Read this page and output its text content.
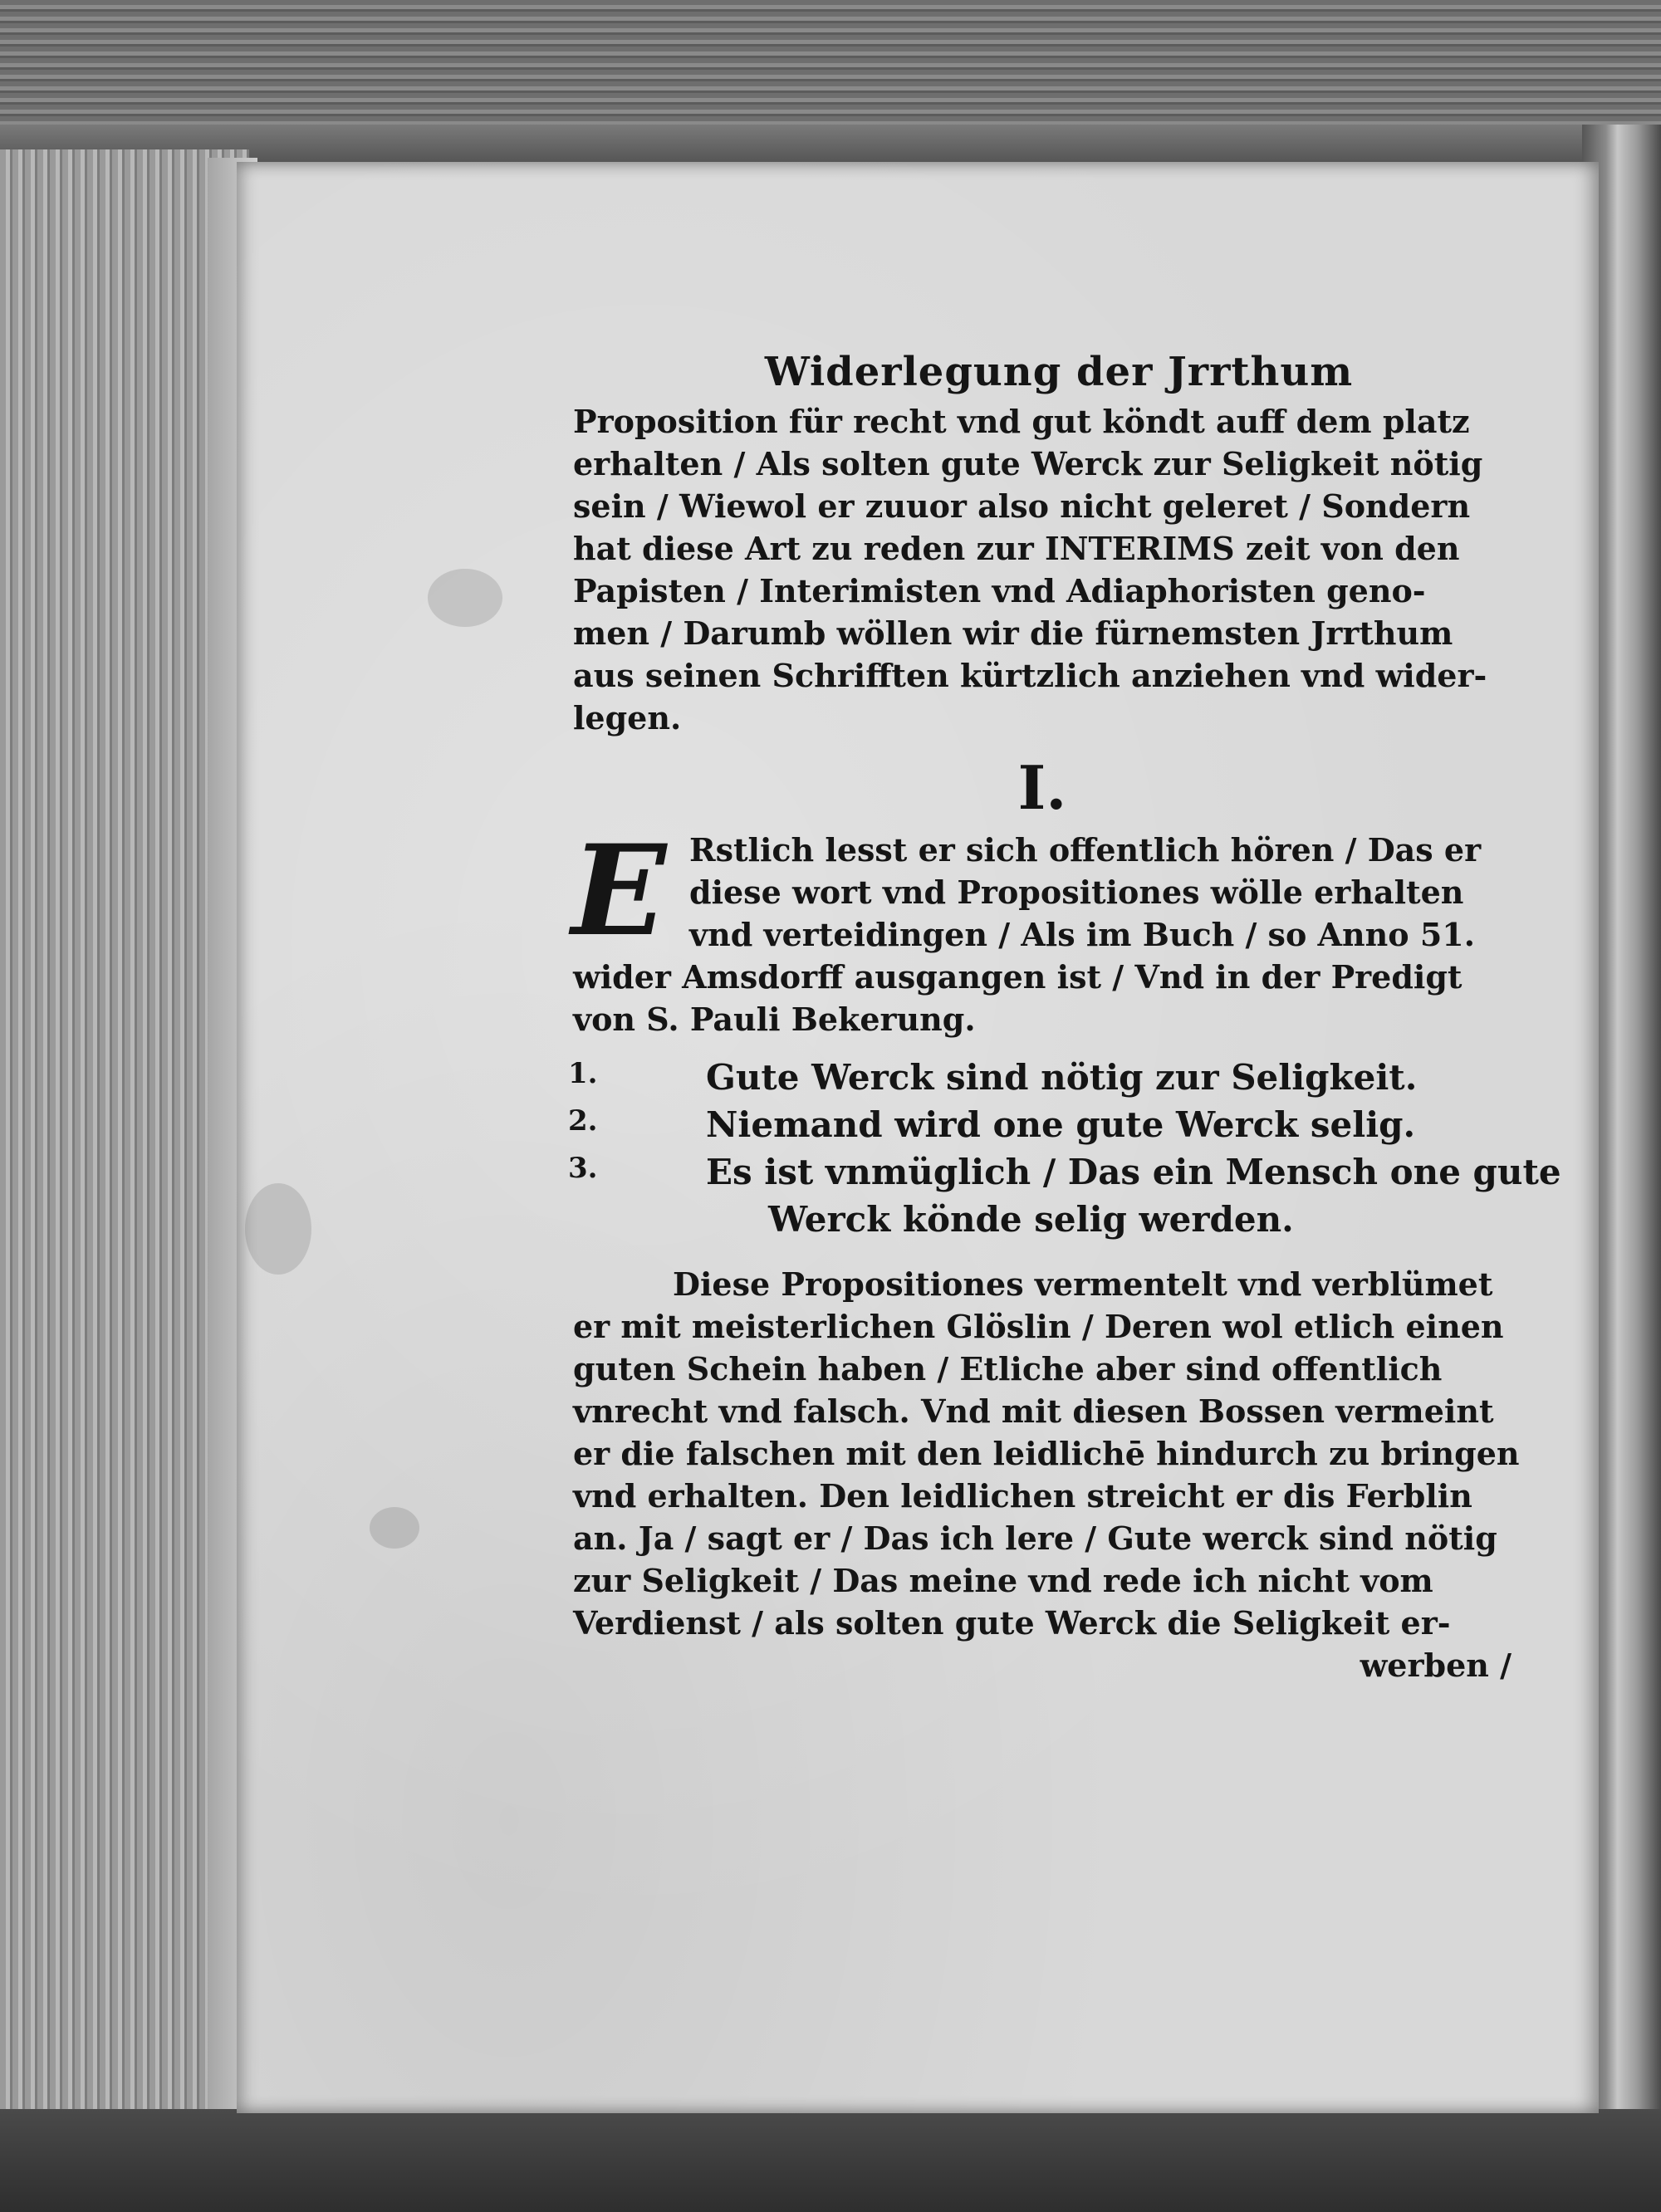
Widerlegung der Jrrthum

Proposition für recht vnd gut köndt auff dem platz

erhalten / Als solten gute Werck zur Seligkeit nötig

sein / Wiewol er zuuor also nicht geleret / Sondern

hat diese Art zu reden zur INTERIMS zeit von den

Papisten / Interimisten vnd Adiaphoristen geno-

men / Darumb wöllen wir die fürnemsten Jrrthum

aus seinen Schrifften kürtzlich anziehen vnd wider-

legen.

I.
E Rstlich lesst er sich offentlich hören / Das er

diese wort vnd Propositiones wölle erhalten

vnd verteidingen / Als im Buch / so Anno 51.

wider Amsdorff ausgangen ist / Vnd in der Predigt

von S. Pauli Bekerung.

1.	Gute Werck sind nötig zur Seligkeit.
2.	Niemand wird one gute Werck selig.
3.	Es ist vnmüglich / Das ein Mensch one gute
Werck könde selig werden.

Diese Propositiones vermentelt vnd verblümet

er mit meisterlichen Glöslin / Deren wol etlich einen

guten Schein haben / Etliche aber sind offentlich

vnrecht vnd falsch. Vnd mit diesen Bossen vermeint

er die falschen mit den leidlichē hindurch zu bringen

vnd erhalten. Den leidlichen streicht er dis Ferblin

an. Ja / sagt er / Das ich lere / Gute werck sind nötig

zur Seligkeit / Das meine vnd rede ich nicht vom

Verdienst / als solten gute Werck die Seligkeit er-

werben /
